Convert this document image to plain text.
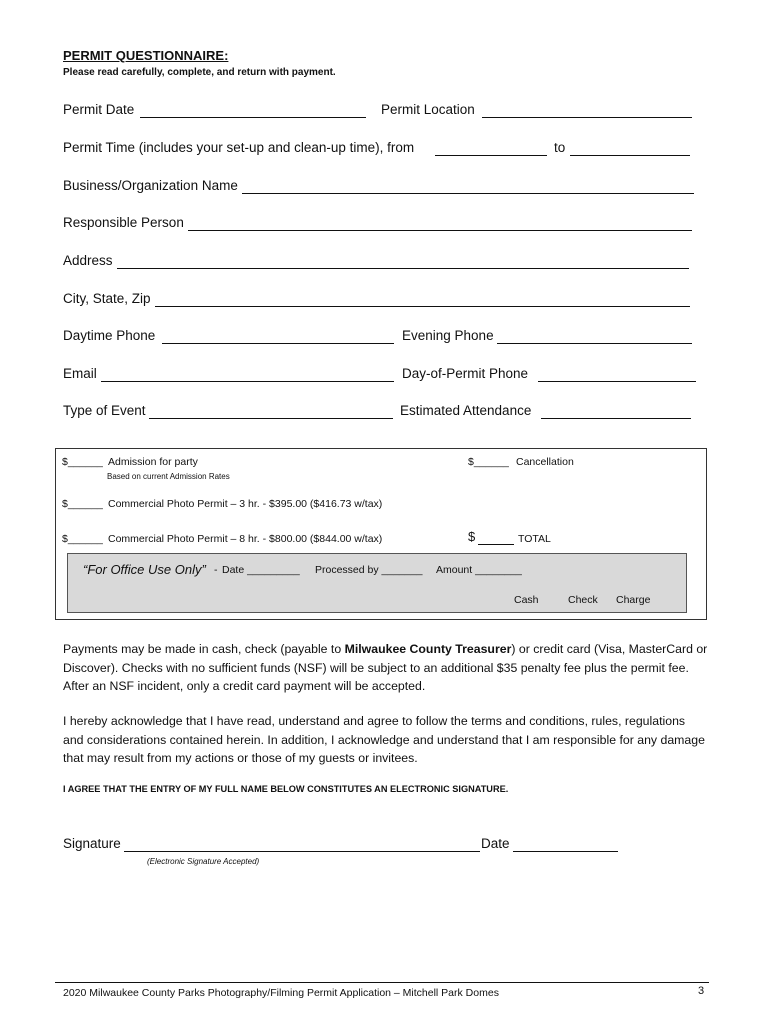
PERMIT QUESTIONNAIRE:
Please read carefully, complete, and return with payment.
Permit Date	Permit Location
Permit Time (includes your set-up and clean-up time), from	to
Business/Organization Name
Responsible Person
Address
City, State, Zip
Daytime Phone	Evening Phone
Email	Day-of-Permit Phone
Type of Event	Estimated Attendance
$______ Admission for party
Based on current Admission Rates
$______ Cancellation
$______ Commercial Photo Permit – 3 hr. - $395.00 ($416.73 w/tax)
$______ Commercial Photo Permit – 8 hr. - $800.00 ($844.00 w/tax)	$	TOTAL
“For Office Use Only” - Date _________ Processed by _______ Amount ________
Cash	Check Charge
Payments may be made in cash, check (payable to Milwaukee County Treasurer) or credit card (Visa, MasterCard or Discover). Checks with no sufficient funds (NSF) will be subject to an additional $35 penalty fee plus the permit fee. After an NSF incident, only a credit card payment will be accepted.
I hereby acknowledge that I have read, understand and agree to follow the terms and conditions, rules, regulations and considerations contained herein. In addition, I acknowledge and understand that I am responsible for any damage that may result from my actions or those of my guests or invitees.
I AGREE THAT THE ENTRY OF MY FULL NAME BELOW CONSTITUTES AN ELECTRONIC SIGNATURE.
Signature	Date
(Electronic Signature Accepted)
2020 Milwaukee County Parks Photography/Filming Permit Application – Mitchell Park Domes	3
